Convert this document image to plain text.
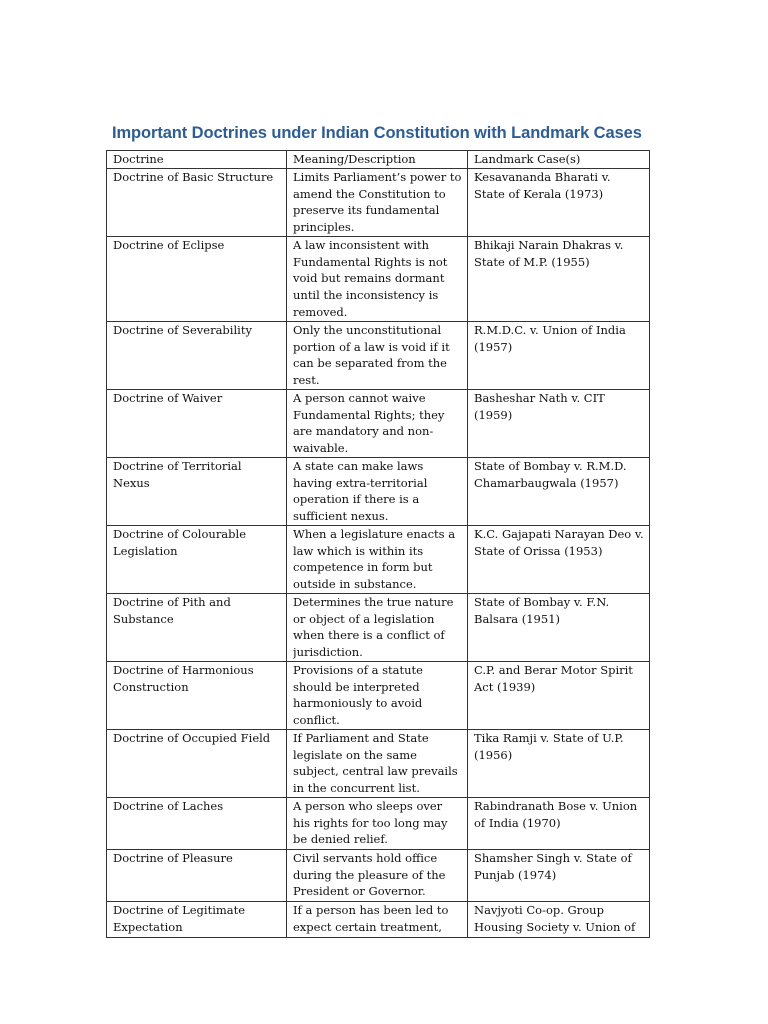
Important Doctrines under Indian Constitution with Landmark Cases
Doctrine	Meaning/Description	Landmark Case(s)

Doctrine of Basic Structure	Limits Parliament’s power to amend the Constitution to preserve its fundamental principles.	Kesavananda Bharati v. State of Kerala (1973)

Doctrine of Eclipse	A law inconsistent with Fundamental Rights is not void but remains dormant until the inconsistency is removed.	Bhikaji Narain Dhakras v. State of M.P. (1955)

Doctrine of Severability	Only the unconstitutional portion of a law is void if it can be separated from the rest.	R.M.D.C. v. Union of India (1957)

Doctrine of Waiver	A person cannot waive Fundamental Rights; they are mandatory and non-waivable.	Basheshar Nath v. CIT (1959)

Doctrine of Territorial Nexus	A state can make laws having extra-territorial operation if there is a sufficient nexus.	State of Bombay v. R.M.D. Chamarbaugwala (1957)

Doctrine of Colourable Legislation	When a legislature enacts a law which is within its competence in form but outside in substance.	K.C. Gajapati Narayan Deo v. State of Orissa (1953)

Doctrine of Pith and Substance	Determines the true nature or object of a legislation when there is a conflict of jurisdiction.	State of Bombay v. F.N. Balsara (1951)

Doctrine of Harmonious Construction	Provisions of a statute should be interpreted harmoniously to avoid conflict.	C.P. and Berar Motor Spirit Act (1939)

Doctrine of Occupied Field	If Parliament and State legislate on the same subject, central law prevails in the concurrent list.	Tika Ramji v. State of U.P. (1956)

Doctrine of Laches	A person who sleeps over his rights for too long may be denied relief.	Rabindranath Bose v. Union of India (1970)

Doctrine of Pleasure	Civil servants hold office during the pleasure of the President or Governor.	Shamsher Singh v. State of Punjab (1974)

Doctrine of Legitimate Expectation	If a person has been led to expect certain treatment,	Navjyoti Co-op. Group Housing Society v. Union of
